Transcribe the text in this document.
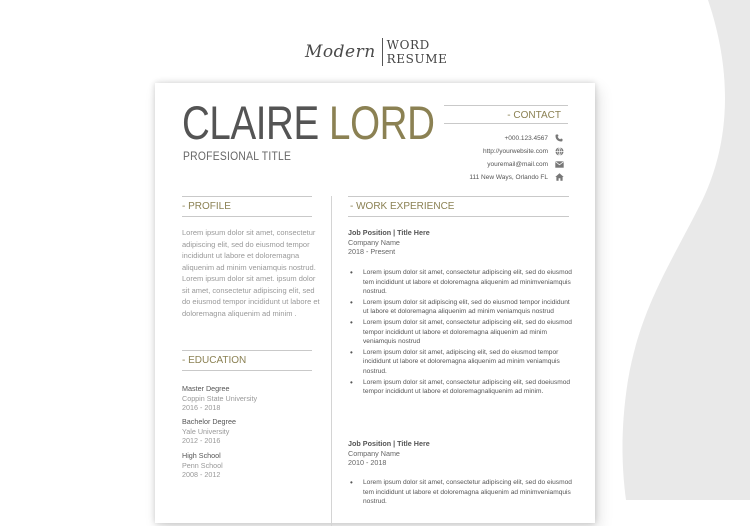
Modern WORD
RESUME
CLAIRE LORD
PROFESIONAL TITLE
- CONTACT
+000.123.4567
http://yourwebsite.com
youremail@mail.com
111 New Ways, Orlando FL
- PROFILE
Lorem ipsum dolor sit amet, consectetur adipiscing elit, sed do eiusmod tempor incididunt ut labore et doloremagna aliquenim ad minim veniamquis nostrud. Lorem ipsum dolor sit amet. ipsum dolor sit amet, consectetur adipiscing elit, sed do eiusmod tempor incididunt ut labore et doloremagna aliquenim ad minim .
- EDUCATION
Master Degree
Coppin State University
2016 - 2018
Bachelor Degree
Yale University
2012 - 2016
High School
Penn School
2008 - 2012
- WORK EXPERIENCE
Job Position | Title Here
Company Name
2018 - Present
• Lorem ipsum dolor sit amet, consectetur adipiscing elit, sed do eiusmod tem incididunt ut labore et doloremagna aliquenim ad minimveniamquis nostrud.
• Lorem ipsum dolor sit adipiscing elit, sed do eiusmod tempor incididunt ut labore et doloremagna aliquenim ad minim veniamquis nostrud
• Lorem ipsum dolor sit amet, consectetur adipiscing elit, sed do eiusmod tempor incididunt ut labore et doloremagna aliquenim ad minim veniamquis nostrud
• Lorem ipsum dolor sit amet, adipiscing elit, sed do eiusmod tempor incididunt ut labore et doloremagna aliquenim ad minim veniamquis nostrud.
• Lorem ipsum dolor sit amet, consectetur adipiscing elit, sed doeiusmod tempor incididunt ut labore et doloremagnaliquenim ad minim.
Job Position | Title Here
Company Name
2010 - 2018
• Lorem ipsum dolor sit amet, consectetur adipiscing elit, sed do eiusmod tem incididunt ut labore et doloremagna aliquenim ad minimveniamquis nostrud.
